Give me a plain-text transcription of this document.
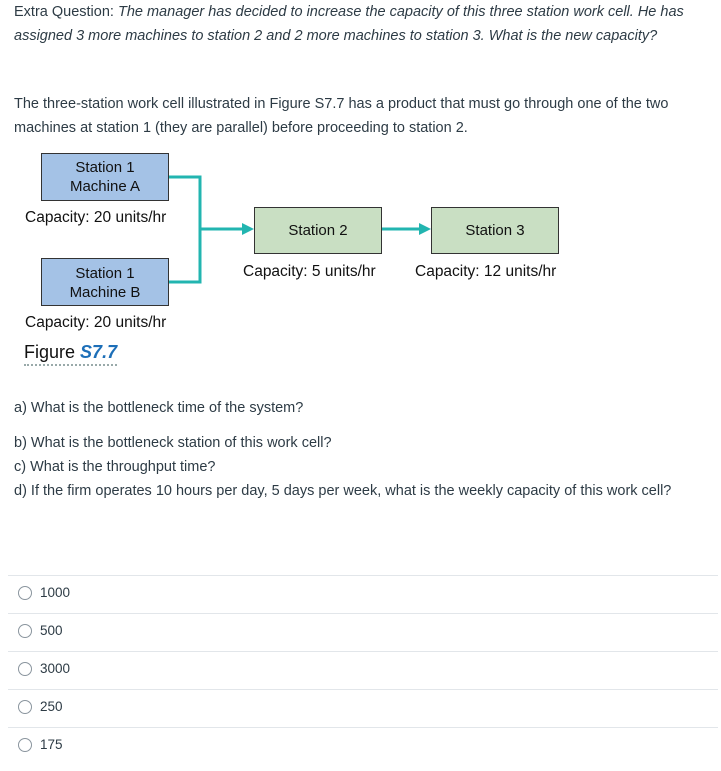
Extra Question: The manager has decided to increase the capacity of this three station work cell. He has assigned 3 more machines to station 2 and 2 more machines to station 3. What is the new capacity?
The three-station work cell illustrated in Figure S7.7 has a product that must go through one of the two machines at station 1 (they are parallel) before proceeding to station 2.
Station 1
Machine A
Capacity: 20 units/hr
Station 1
Machine B
Capacity: 20 units/hr
Station 2
Capacity: 5 units/hr
Station 3
Capacity: 12 units/hr
Figure S7.7
a) What is the bottleneck time of the system?
b) What is the bottleneck station of this work cell?
c) What is the throughput time?
d) If the firm operates 10 hours per day, 5 days per week, what is the weekly capacity of this work cell?
1000
500
3000
250
175
